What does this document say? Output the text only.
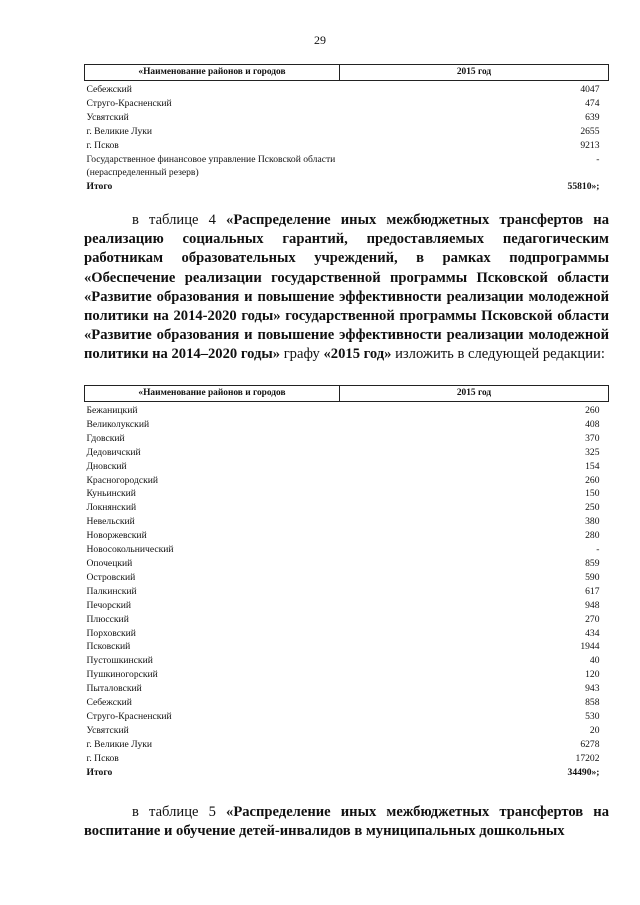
29
«Наименование районов и городов	2015 год
Себежский	4047
Струго-Красненский	474
Усвятский	639
г. Великие Луки	2655
г. Псков	9213
Государственное финансовое управление Псковской области (нераспределенный резерв)	-
Итого	55810»;

в таблице 4 «Распределение иных межбюджетных трансфертов на реализацию социальных гарантий, предоставляемых педагогическим работникам образовательных учреждений, в рамках подпрограммы «Обеспечение реализации государственной программы Псковской области «Развитие образования и повышение эффективности реализации молодежной политики на 2014-2020 годы» государственной программы Псковской области «Развитие образования и повышение эффективности реализации молодежной политики на 2014–2020 годы» графу «2015 год» изложить в следующей редакции:

«Наименование районов и городов	2015 год
Бежаницкий	260
Великолукский	408
Гдовский	370
Дедовичский	325
Дновский	154
Красногородский	260
Куньинский	150
Локнянский	250
Невельский	380
Новоржевский	280
Новосокольнический	-
Опочецкий	859
Островский	590
Палкинский	617
Печорский	948
Плюсский	270
Порховский	434
Псковский	1944
Пустошкинский	40
Пушкиногорский	120
Пыталовский	943
Себежский	858
Струго-Красненский	530
Усвятский	20
г. Великие Луки	6278
г. Псков	17202
Итого	34490»;

в таблице 5 «Распределение иных межбюджетных трансфертов на воспитание и обучение детей-инвалидов в муниципальных дошкольных
